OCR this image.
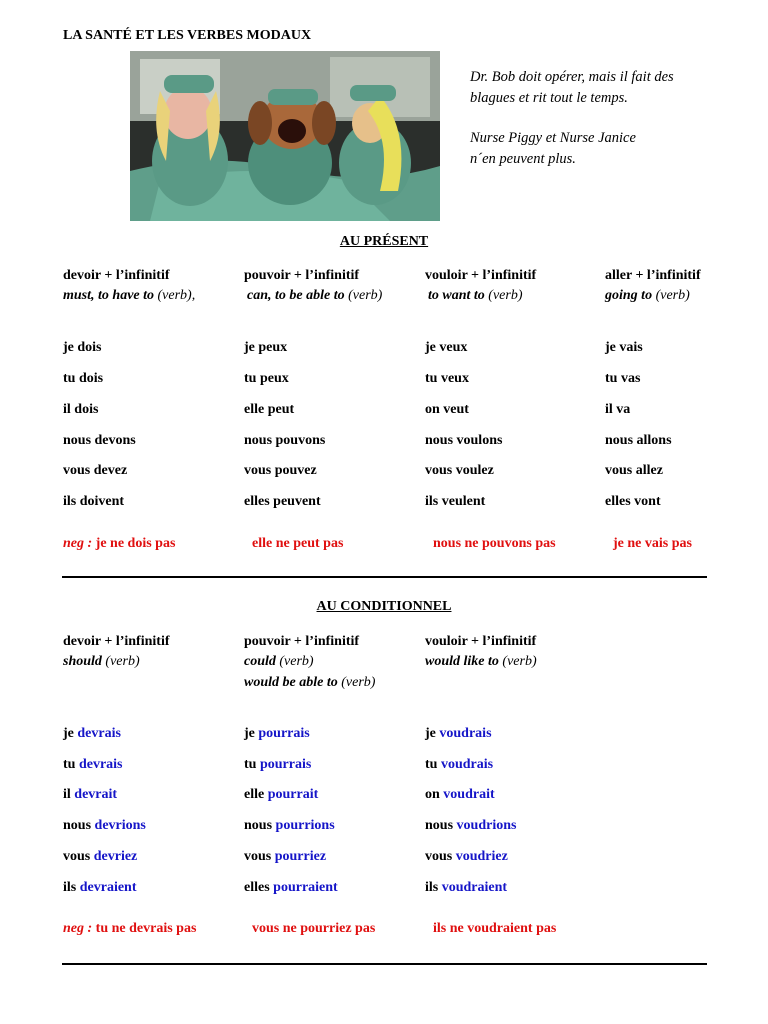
LA SANTÉ ET LES VERBES MODAUX
Dr. Bob doit opérer, mais il fait des
blagues et rit tout le temps.
Nurse Piggy et Nurse Janice
n´en peuvent plus.
AU PRÉSENT
devoir + l’infinitif
must, to have to (verb),
je dois
tu dois
il dois
nous devons
vous devez
ils doivent
neg : je ne dois pas
pouvoir + l’infinitif
can, to be able to (verb)
je peux
tu peux
elle peut
nous pouvons
vous pouvez
elles peuvent
elle ne peut pas
vouloir + l’infinitif
to want to (verb)
je veux
tu veux
on veut
nous voulons
vous voulez
ils veulent
nous ne pouvons pas
aller + l’infinitif
going to (verb)
je vais
tu vas
il va
nous allons
vous allez
elles vont
je ne vais pas
AU CONDITIONNEL
devoir + l’infinitif
should (verb)
je devrais
tu devrais
il devrait
nous devrions
vous devriez
ils devraient
neg : tu ne devrais pas
pouvoir + l’infinitif
could (verb)
would be able to (verb)
je pourrais
tu pourrais
elle pourrait
nous pourrions
vous pourriez
elles pourraient
vous ne pourriez pas
vouloir + l’infinitif
would like to (verb)
je voudrais
tu voudrais
on voudrait
nous voudrions
vous voudriez
ils voudraient
ils ne voudraient pas
